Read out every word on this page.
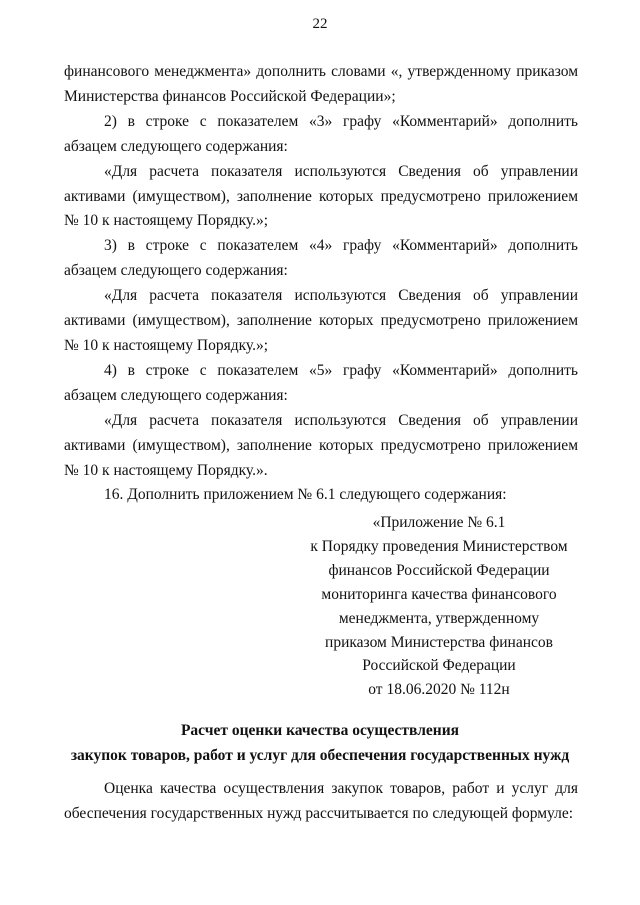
22

финансового менеджмента» дополнить словами «, утвержденному приказом Министерства финансов Российской Федерации»;

2) в строке с показателем «3» графу «Комментарий» дополнить абзацем следующего содержания:

«Для расчета показателя используются Сведения об управлении активами (имуществом), заполнение которых предусмотрено приложением № 10 к настоящему Порядку.»;

3) в строке с показателем «4» графу «Комментарий» дополнить абзацем следующего содержания:

«Для расчета показателя используются Сведения об управлении активами (имуществом), заполнение которых предусмотрено приложением № 10 к настоящему Порядку.»;

4) в строке с показателем «5» графу «Комментарий» дополнить абзацем следующего содержания:

«Для расчета показателя используются Сведения об управлении активами (имуществом), заполнение которых предусмотрено приложением № 10 к настоящему Порядку.».

16. Дополнить приложением № 6.1 следующего содержания:

«Приложение № 6.1
к Порядку проведения Министерством
финансов Российской Федерации
мониторинга качества финансового
менеджмента, утвержденному
приказом Министерства финансов
Российской Федерации
от 18.06.2020 № 112н
Расчет оценки качества осуществления
закупок товаров, работ и услуг для обеспечения государственных нужд

Оценка качества осуществления закупок товаров, работ и услуг для обеспечения государственных нужд рассчитывается по следующей формуле:
